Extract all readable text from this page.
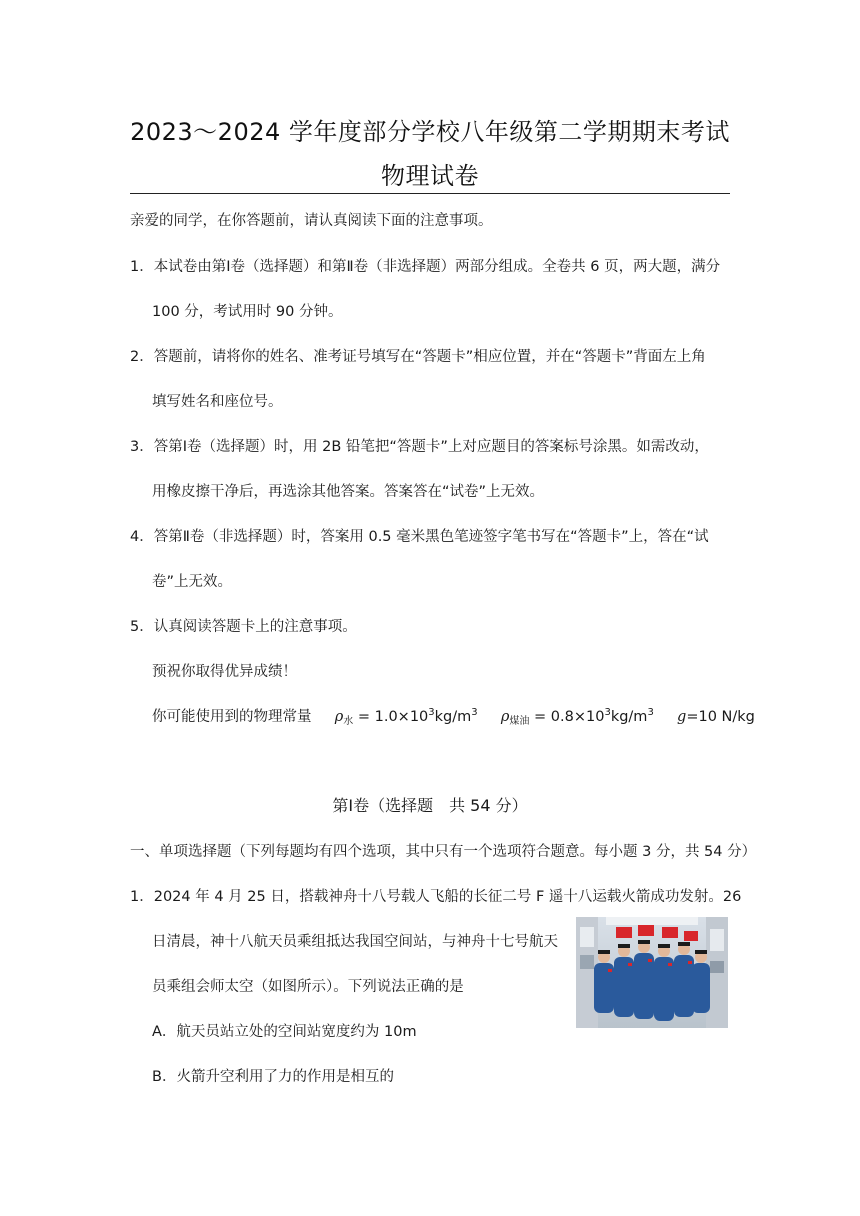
2023～2024 学年度部分学校八年级第二学期期末考试
物理试卷
亲爱的同学，在你答题前，请认真阅读下面的注意事项。
1．本试卷由第Ⅰ卷（选择题）和第Ⅱ卷（非选择题）两部分组成。全卷共 6 页，两大题，满分
100 分，考试用时 90 分钟。
2．答题前，请将你的姓名、准考证号填写在“答题卡”相应位置，并在“答题卡”背面左上角
填写姓名和座位号。
3．答第Ⅰ卷（选择题）时，用 2B 铅笔把“答题卡”上对应题目的答案标号涂黑。如需改动，
用橡皮擦干净后，再选涂其他答案。答案答在“试卷”上无效。
4．答第Ⅱ卷（非选择题）时，答案用 0.5 毫米黑色笔迹签字笔书写在“答题卡”上，答在“试
卷”上无效。
5．认真阅读答题卡上的注意事项。
预祝你取得优异成绩！
你可能使用到的物理常量 $\rho_水 = 1.0\times 10^3kg/m^3$ $\rho_{煤油} = 0.8\times 10^3kg/m^3$ g=10 N/kg
第Ⅰ卷（选择题　共 54 分）
一、单项选择题（下列每题均有四个选项，其中只有一个选项符合题意。每小题 3 分，共 54 分）
1．2024 年 4 月 25 日，搭载神舟十八号载人飞船的长征二号 F 遥十八运载火箭成功发射。26
日清晨，神十八航天员乘组抵达我国空间站，与神舟十七号航天
员乘组会师太空（如图所示）。下列说法正确的是
A．航天员站立处的空间站宽度约为 10m
B．火箭升空利用了力的作用是相互的
